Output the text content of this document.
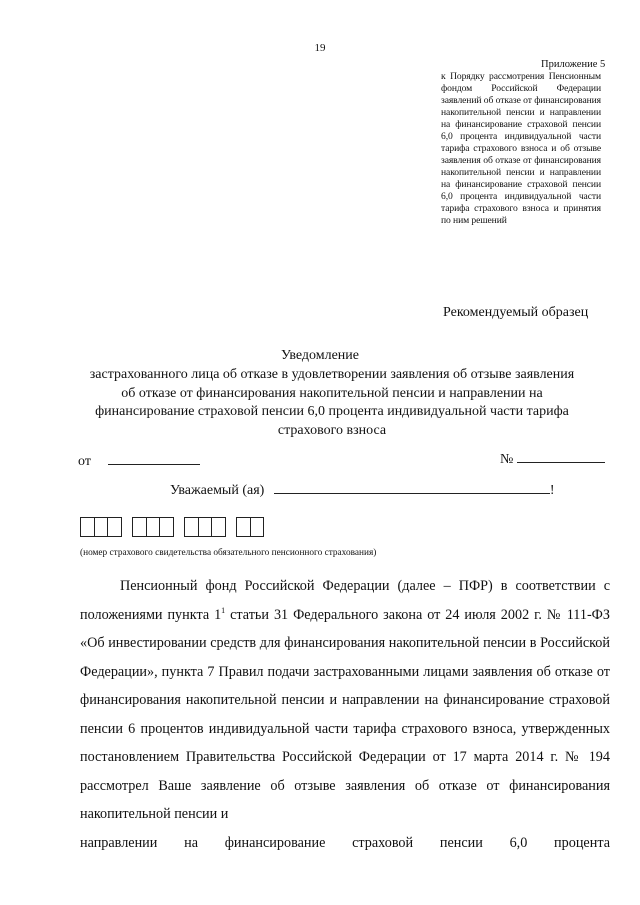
19
Приложение 5
к Порядку рассмотрения Пенсионным фондом Российской Федерации заявлений об отказе от финансирования накопительной пенсии и направлении на финансирование страховой пенсии 6,0 процента индивидуальной части тарифа страхового взноса и об отзыве заявления об отказе от финансирования накопительной пенсии и направлении на финансирование страховой пенсии 6,0 процента индивидуальной части тарифа страхового взноса и принятия по ним решений
Рекомендуемый образец
Уведомление
застрахованного лица об отказе в удовлетворении заявления об отзыве заявления об отказе от финансирования накопительной пенсии и направлении на финансирование страховой пенсии 6,0 процента индивидуальной части тарифа страхового взноса
от	№
Уважаемый (ая)	!
(номер страхового свидетельства обязательного пенсионного страхования)
Пенсионный фонд Российской Федерации (далее – ПФР) в соответствии с положениями пункта $1^1$ статьи 31 Федерального закона от 24 июля 2002 г. № 111-ФЗ «Об инвестировании средств для финансирования накопительной пенсии в Российской Федерации», пункта 7 Правил подачи застрахованными лицами заявления об отказе от финансирования накопительной пенсии и направлении на финансирование страховой пенсии 6 процентов индивидуальной части тарифа страхового взноса, утвержденных постановлением Правительства Российской Федерации от 17 марта 2014 г. № 194 рассмотрел Ваше заявление об отзыве заявления об отказе от финансирования накопительной пенсии и
направлении на финансирование страховой пенсии 6,0 процента
